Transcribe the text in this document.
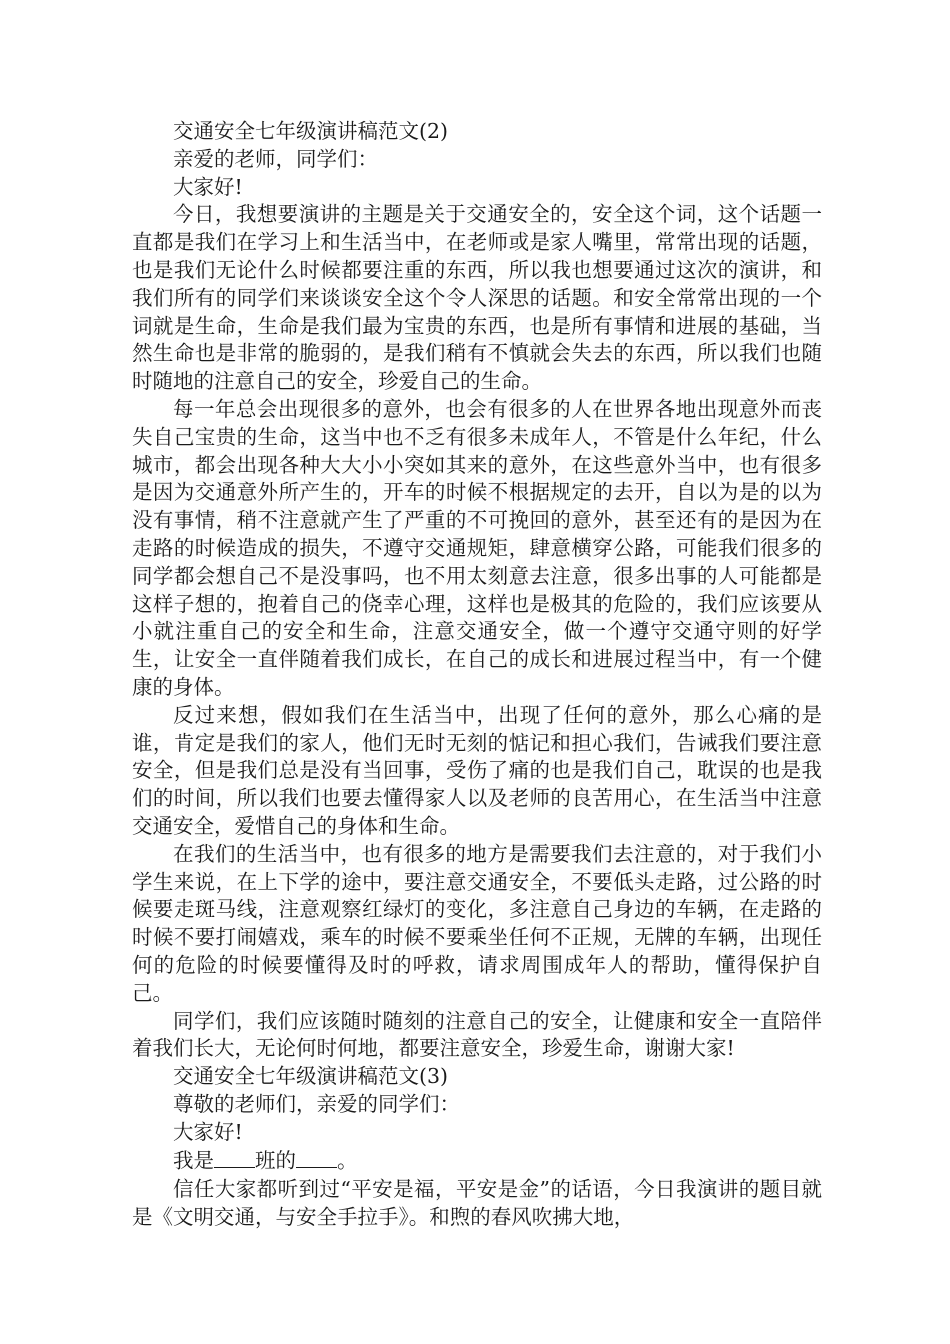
交通安全七年级演讲稿范文(2)

亲爱的老师，同学们：

大家好!

今日，我想要演讲的主题是关于交通安全的，安全这个词，这个话题一直都是我们在学习上和生活当中，在老师或是家人嘴里，常常出现的话题，也是我们无论什么时候都要注重的东西，所以我也想要通过这次的演讲，和我们所有的同学们来谈谈安全这个令人深思的话题。和安全常常出现的一个词就是生命，生命是我们最为宝贵的东西，也是所有事情和进展的基础，当然生命也是非常的脆弱的，是我们稍有不慎就会失去的东西，所以我们也随时随地的注意自己的安全，珍爱自己的生命。

每一年总会出现很多的意外，也会有很多的人在世界各地出现意外而丧失自己宝贵的生命，这当中也不乏有很多未成年人，不管是什么年纪，什么城市，都会出现各种大大小小突如其来的意外，在这些意外当中，也有很多是因为交通意外所产生的，开车的时候不根据规定的去开，自以为是的以为没有事情，稍不注意就产生了严重的不可挽回的意外，甚至还有的是因为在走路的时候造成的损失，不遵守交通规矩，肆意横穿公路，可能我们很多的同学都会想自己不是没事吗，也不用太刻意去注意，很多出事的人可能都是这样子想的，抱着自己的侥幸心理，这样也是极其的危险的，我们应该要从小就注重自己的安全和生命，注意交通安全，做一个遵守交通守则的好学生，让安全一直伴随着我们成长，在自己的成长和进展过程当中，有一个健康的身体。

反过来想，假如我们在生活当中，出现了任何的意外，那么心痛的是谁，肯定是我们的家人，他们无时无刻的惦记和担心我们，告诫我们要注意安全，但是我们总是没有当回事，受伤了痛的也是我们自己，耽误的也是我们的时间，所以我们也要去懂得家人以及老师的良苦用心，在生活当中注意交通安全，爱惜自己的身体和生命。

在我们的生活当中，也有很多的地方是需要我们去注意的，对于我们小学生来说，在上下学的途中，要注意交通安全，不要低头走路，过公路的时候要走斑马线，注意观察红绿灯的变化，多注意自己身边的车辆，在走路的时候不要打闹嬉戏，乘车的时候不要乘坐任何不正规，无牌的车辆，出现任何的危险的时候要懂得及时的呼救，请求周围成年人的帮助，懂得保护自己。

同学们，我们应该随时随刻的注意自己的安全，让健康和安全一直陪伴着我们长大，无论何时何地，都要注意安全，珍爱生命，谢谢大家!

交通安全七年级演讲稿范文(3)

尊敬的老师们，亲爱的同学们：

大家好!

我是 班的 。

信任大家都听到过“平安是福，平安是金”的话语，今日我演讲的题目就是《文明交通，与安全手拉手》。和煦的春风吹拂大地，
